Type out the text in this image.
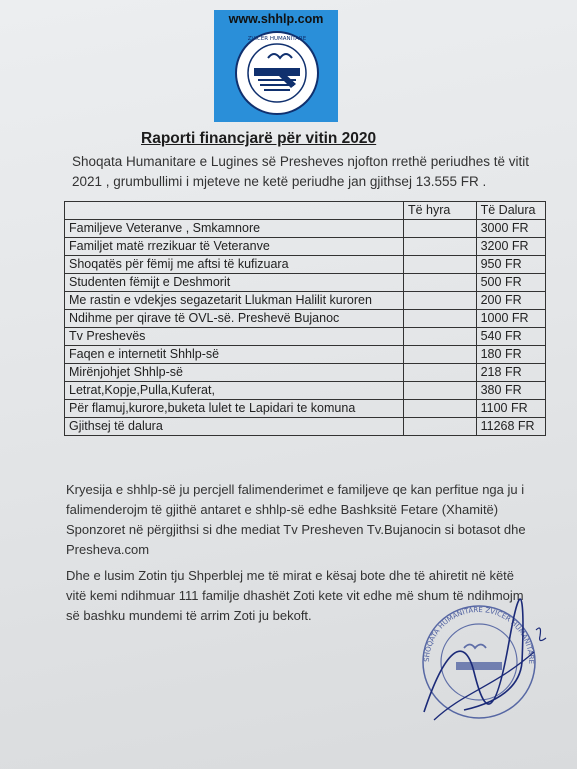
www.shhlp.com
ZVICER HUMANITARE
Raporti financjarë për vitin 2020
Shoqata Humanitare e Lugines së Presheves njofton rrethë periudhes të vitit 2021 , grumbullimi i mjeteve ne ketë periudhe jan gjithsej 13.555 FR .
	Të hyra	Të Dalura
Familjeve Veteranve , Smkamnore		3000 FR
Familjet matë rrezikuar të Veteranve		3200 FR
Shoqatës për fëmij me aftsi të kufizuara		950 FR
Studenten fëmijt e Deshmorit		500 FR
Me rastin e vdekjes segazetarit Llukman Halilit kuroren		200 FR
Ndihme per qirave të OVL-së. Preshevë Bujanoc		1000 FR
Tv Preshevës		540 FR
Faqen e internetit Shhlp-së		180 FR
Mirënjohjet Shhlp-së		218 FR
Letrat,Kopje,Pulla,Kuferat,		380 FR
Për flamuj,kurore,buketa lulet te Lapidari te komuna		1100 FR
Gjithsej të dalura		11268 FR
Kryesija e shhlp-së ju percjell falimenderimet e familjeve qe kan perfitue nga ju i falimenderojm të gjithë antaret e shhlp-së edhe Bashksitë Fetare (Xhamitë) Sponzoret në përgjithsi si dhe mediat Tv Presheven Tv.Bujanocin si botasot dhe Presheva.com
Dhe e lusim Zotin tju Shperblej me të mirat e kësaj bote dhe të ahiretit në këtë vitë kemi ndihmuar 111 familje dhashët Zoti kete vit edhe më shum të ndihmojm së bashku mundemi të arrim Zoti ju bekoft.
SHOQATA HUMANITARE ZVICER HUMANITÄRE
